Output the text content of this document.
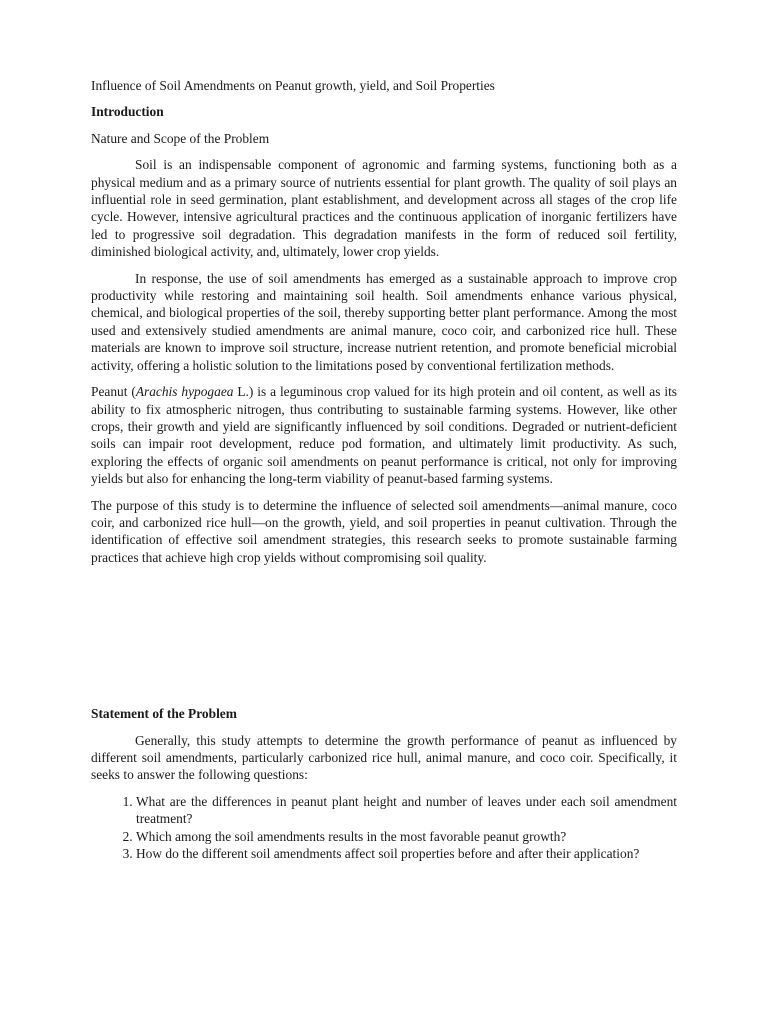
Influence of Soil Amendments on Peanut growth, yield, and Soil Properties

Introduction

Nature and Scope of the Problem

Soil is an indispensable component of agronomic and farming systems, functioning both as a physical medium and as a primary source of nutrients essential for plant growth. The quality of soil plays an influential role in seed germination, plant establishment, and development across all stages of the crop life cycle. However, intensive agricultural practices and the continuous application of inorganic fertilizers have led to progressive soil degradation. This degradation manifests in the form of reduced soil fertility, diminished biological activity, and, ultimately, lower crop yields.

In response, the use of soil amendments has emerged as a sustainable approach to improve crop productivity while restoring and maintaining soil health. Soil amendments enhance various physical, chemical, and biological properties of the soil, thereby supporting better plant performance. Among the most used and extensively studied amendments are animal manure, coco coir, and carbonized rice hull. These materials are known to improve soil structure, increase nutrient retention, and promote beneficial microbial activity, offering a holistic solution to the limitations posed by conventional fertilization methods.

Peanut (Arachis hypogaea L.) is a leguminous crop valued for its high protein and oil content, as well as its ability to fix atmospheric nitrogen, thus contributing to sustainable farming systems. However, like other crops, their growth and yield are significantly influenced by soil conditions. Degraded or nutrient-deficient soils can impair root development, reduce pod formation, and ultimately limit productivity. As such, exploring the effects of organic soil amendments on peanut performance is critical, not only for improving yields but also for enhancing the long-term viability of peanut-based farming systems.

The purpose of this study is to determine the influence of selected soil amendments—animal manure, coco coir, and carbonized rice hull—on the growth, yield, and soil properties in peanut cultivation. Through the identification of effective soil amendment strategies, this research seeks to promote sustainable farming practices that achieve high crop yields without compromising soil quality.

Statement of the Problem

Generally, this study attempts to determine the growth performance of peanut as influenced by different soil amendments, particularly carbonized rice hull, animal manure, and coco coir. Specifically, it seeks to answer the following questions:

1. What are the differences in peanut plant height and number of leaves under each soil amendment treatment?
2. Which among the soil amendments results in the most favorable peanut growth?
3. How do the different soil amendments affect soil properties before and after their application?
